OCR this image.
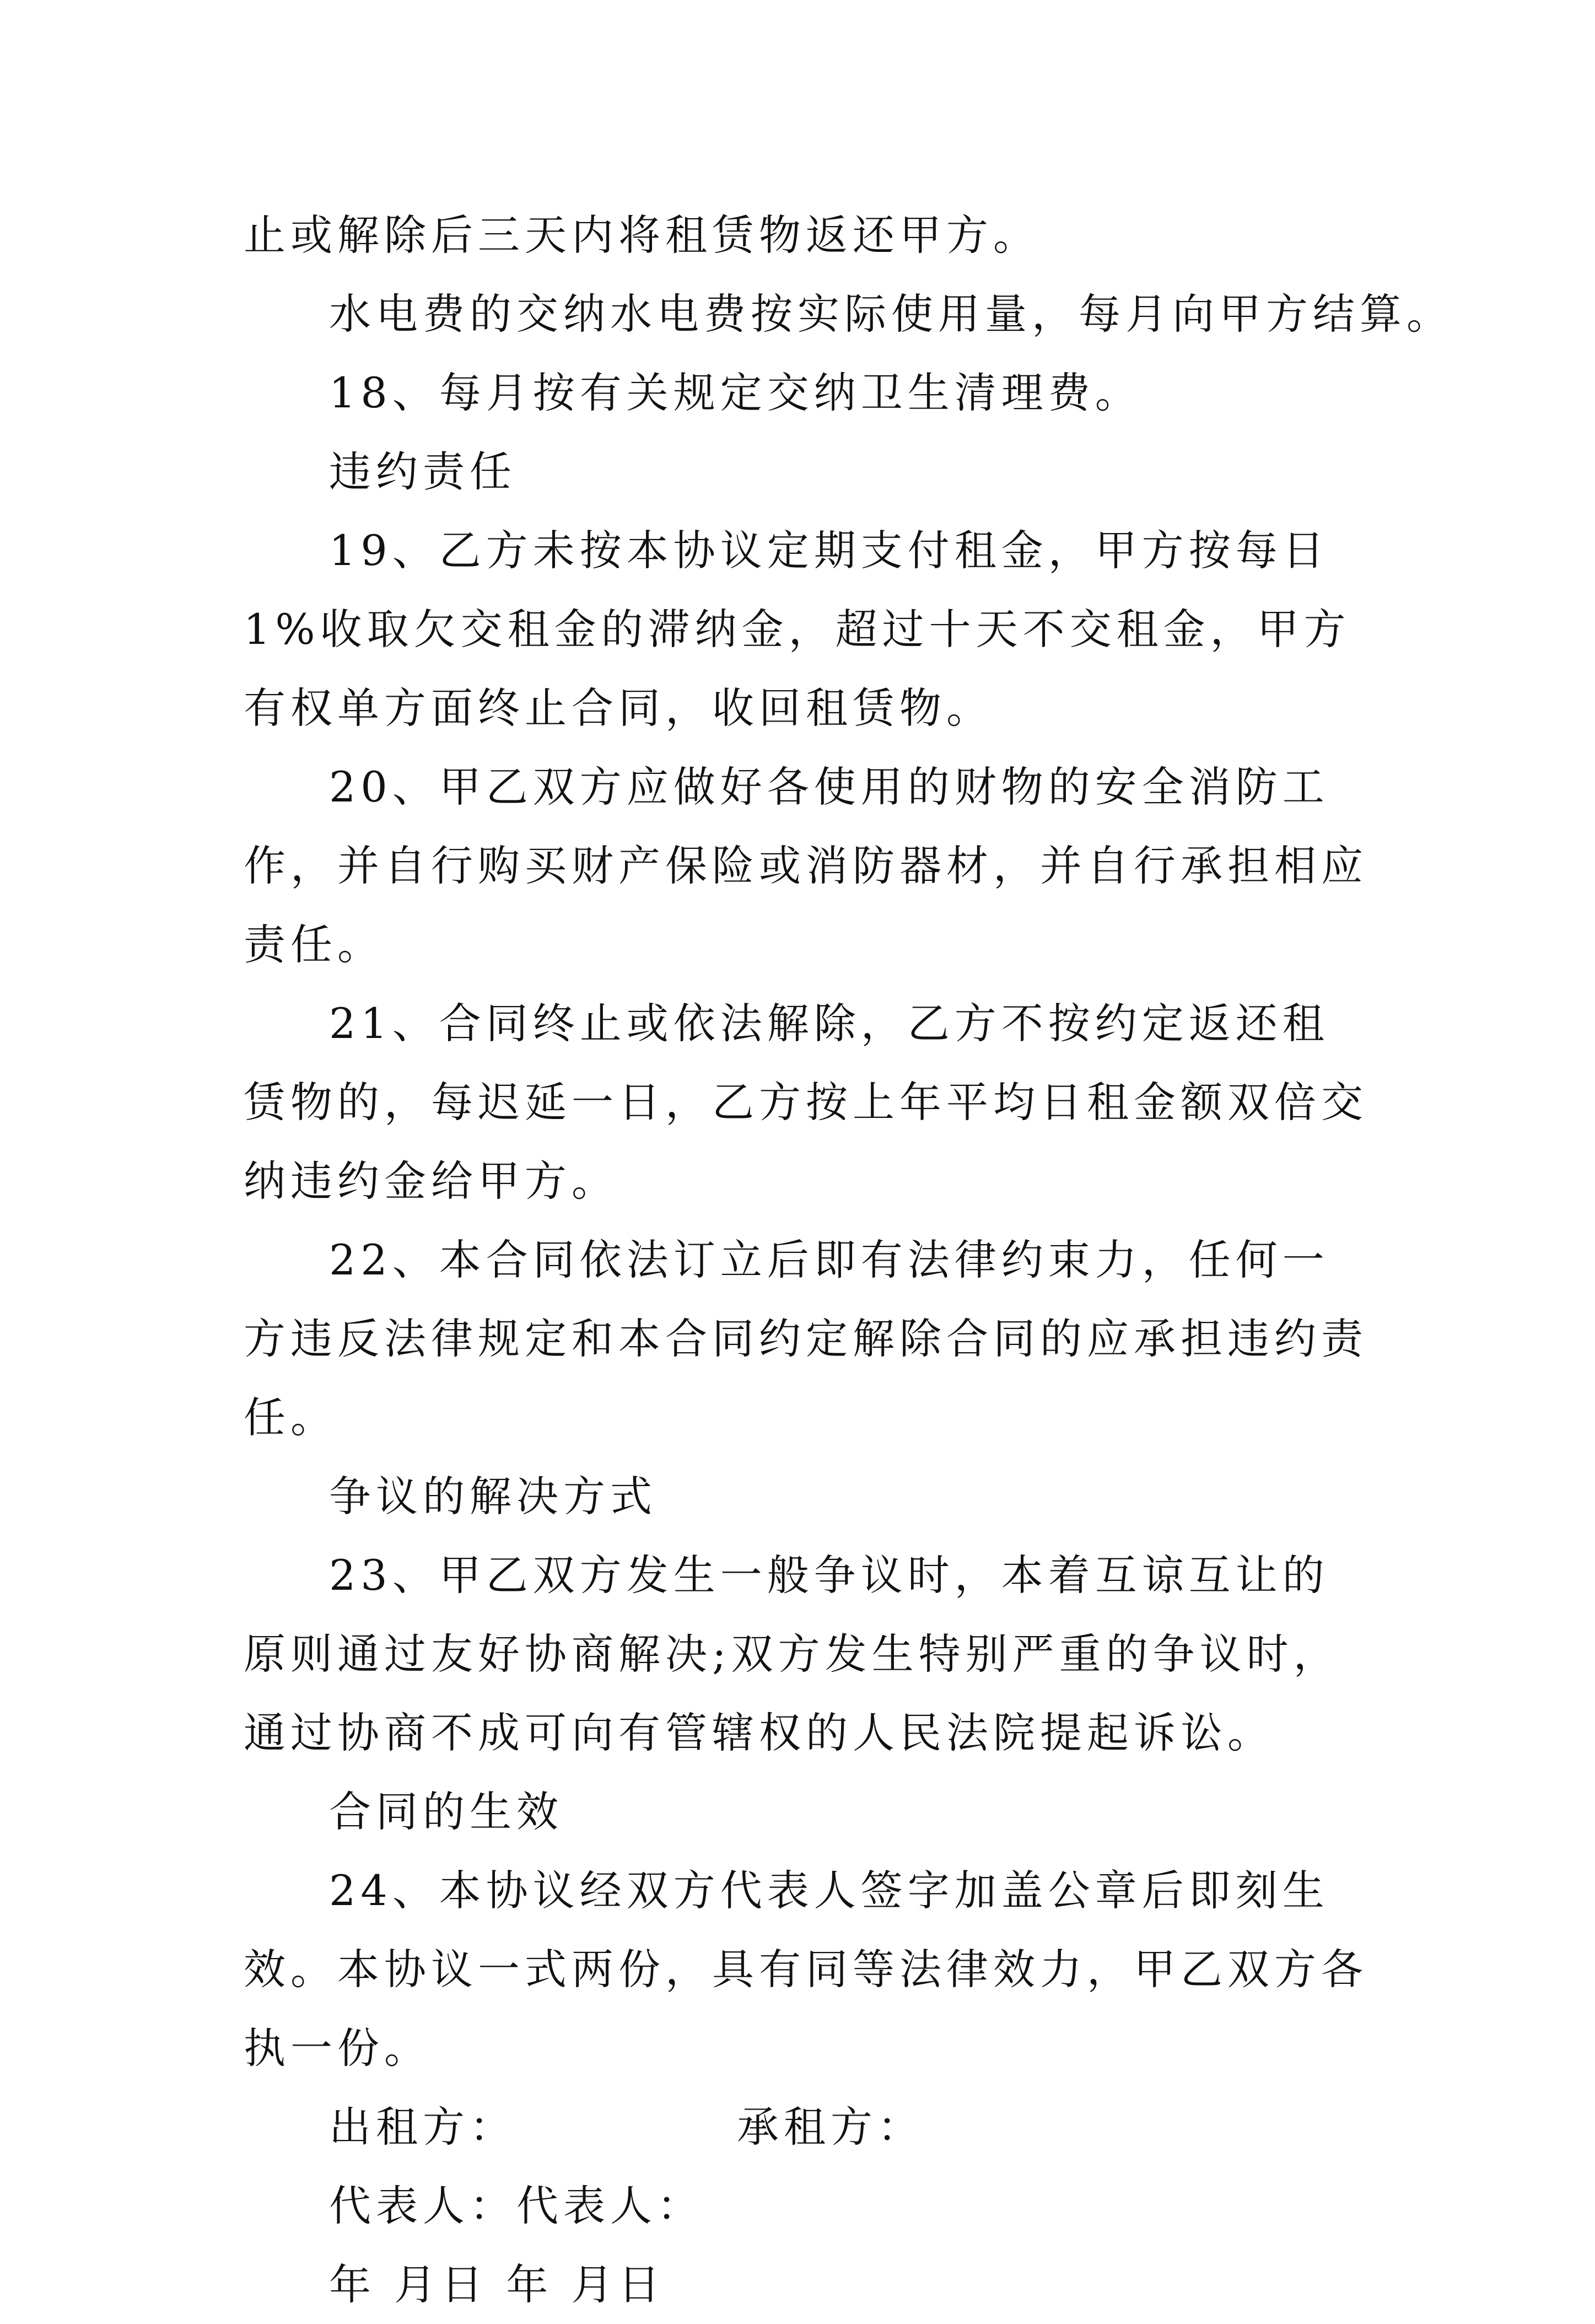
止或解除后三天内将租赁物返还甲方。

水电费的交纳水电费按实际使用量，每月向甲方结算。

18、每月按有关规定交纳卫生清理费。

违约责任

19、乙方未按本协议定期支付租金，甲方按每日1%收取欠交租金的滞纳金，超过十天不交租金，甲方有权单方面终止合同，收回租赁物。

20、甲乙双方应做好各使用的财物的安全消防工作，并自行购买财产保险或消防器材，并自行承担相应责任。

21、合同终止或依法解除，乙方不按约定返还租赁物的，每迟延一日，乙方按上年平均日租金额双倍交纳违约金给甲方。

22、本合同依法订立后即有法律约束力，任何一方违反法律规定和本合同约定解除合同的应承担违约责任。

争议的解决方式

23、甲乙双方发生一般争议时，本着互谅互让的原则通过友好协商解决;双方发生特别严重的争议时，通过协商不成可向有管辖权的人民法院提起诉讼。

合同的生效

24、本协议经双方代表人签字加盖公章后即刻生效。本协议一式两份，具有同等法律效力，甲乙双方各执一份。

出租方：	承租方：

代表人：代表人：

年 月日 年 月日
